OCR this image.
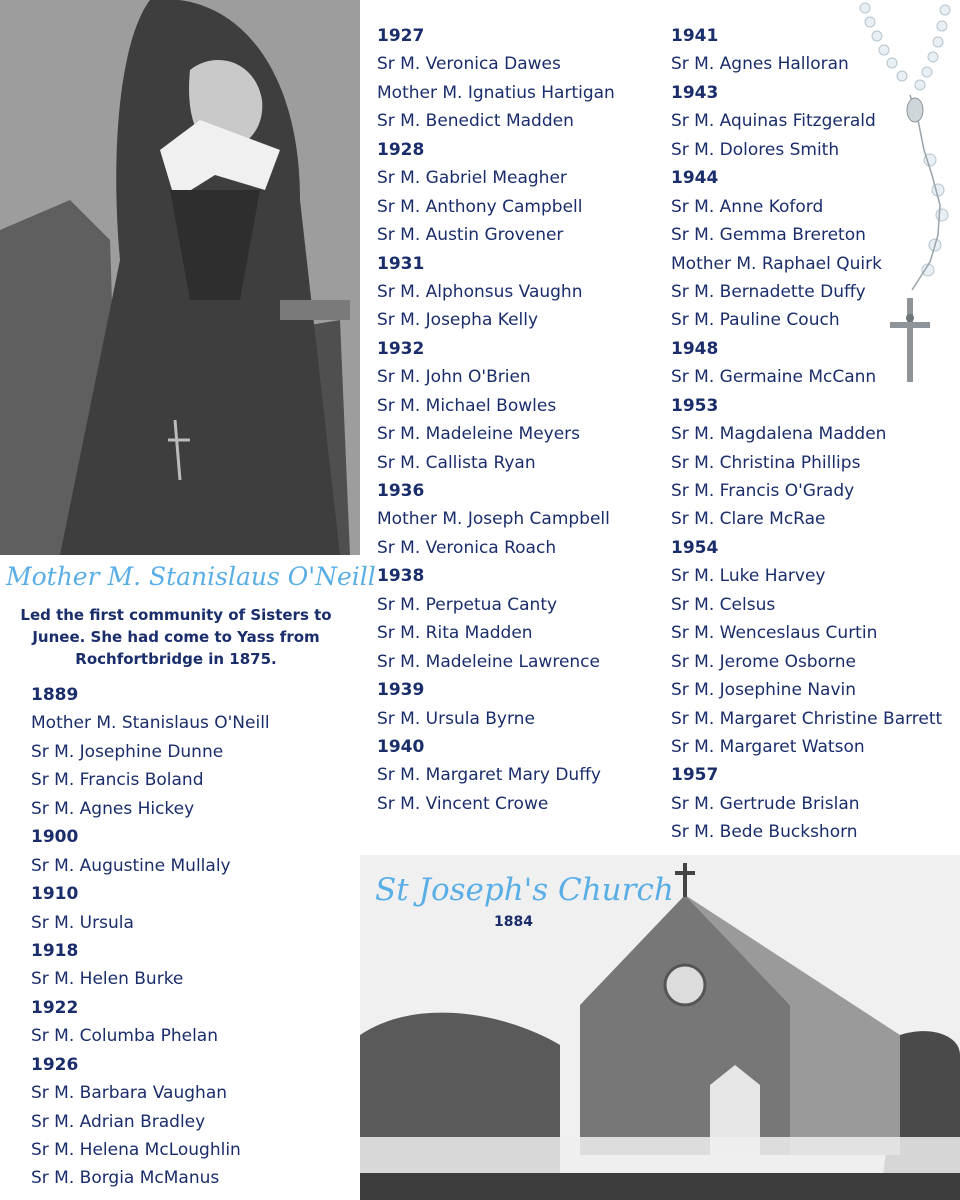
Mother M. Stanislaus O'Neill

Led the first community of Sisters to Junee. She had come to Yass from Rochfortbridge in 1875.

1889
Mother M. Stanislaus O'Neill
Sr M. Josephine Dunne
Sr M. Francis Boland
Sr M. Agnes Hickey
1900
Sr M. Augustine Mullaly
1910
Sr M. Ursula
1918
Sr M. Helen Burke
1922
Sr M. Columba Phelan
1926
Sr M. Barbara Vaughan
Sr M. Adrian Bradley
Sr M. Helena McLoughlin
Sr M. Borgia McManus
1927
Sr M. Veronica Dawes
Mother M. Ignatius Hartigan
Sr M. Benedict Madden
1928
Sr M. Gabriel Meagher
Sr M. Anthony Campbell
Sr M. Austin Grovener
1931
Sr M. Alphonsus Vaughn
Sr M. Josepha Kelly
1932
Sr M. John O'Brien
Sr M. Michael Bowles
Sr M. Madeleine Meyers
Sr M. Callista Ryan
1936
Mother M. Joseph Campbell
Sr M. Veronica Roach
1938
Sr M. Perpetua Canty
Sr M. Rita Madden
Sr M. Madeleine Lawrence
1939
Sr M. Ursula Byrne
1940
Sr M. Margaret Mary Duffy
Sr M. Vincent Crowe
1941
Sr M. Agnes Halloran
1943
Sr M. Aquinas Fitzgerald
Sr M. Dolores Smith
1944
Sr M. Anne Koford
Sr M. Gemma Brereton
Mother M. Raphael Quirk
Sr M. Bernadette Duffy
Sr M. Pauline Couch
1948
Sr M. Germaine McCann
1953
Sr M. Magdalena Madden
Sr M. Christina Phillips
Sr M. Francis O'Grady
Sr M. Clare McRae
1954
Sr M. Luke Harvey
Sr M. Celsus
Sr M. Wenceslaus Curtin
Sr M. Jerome Osborne
Sr M. Josephine Navin
Sr M. Margaret Christine Barrett
Sr M. Margaret Watson
1957
Sr M. Gertrude Brislan
Sr M. Bede Buckshorn

St Joseph's Church

1884
